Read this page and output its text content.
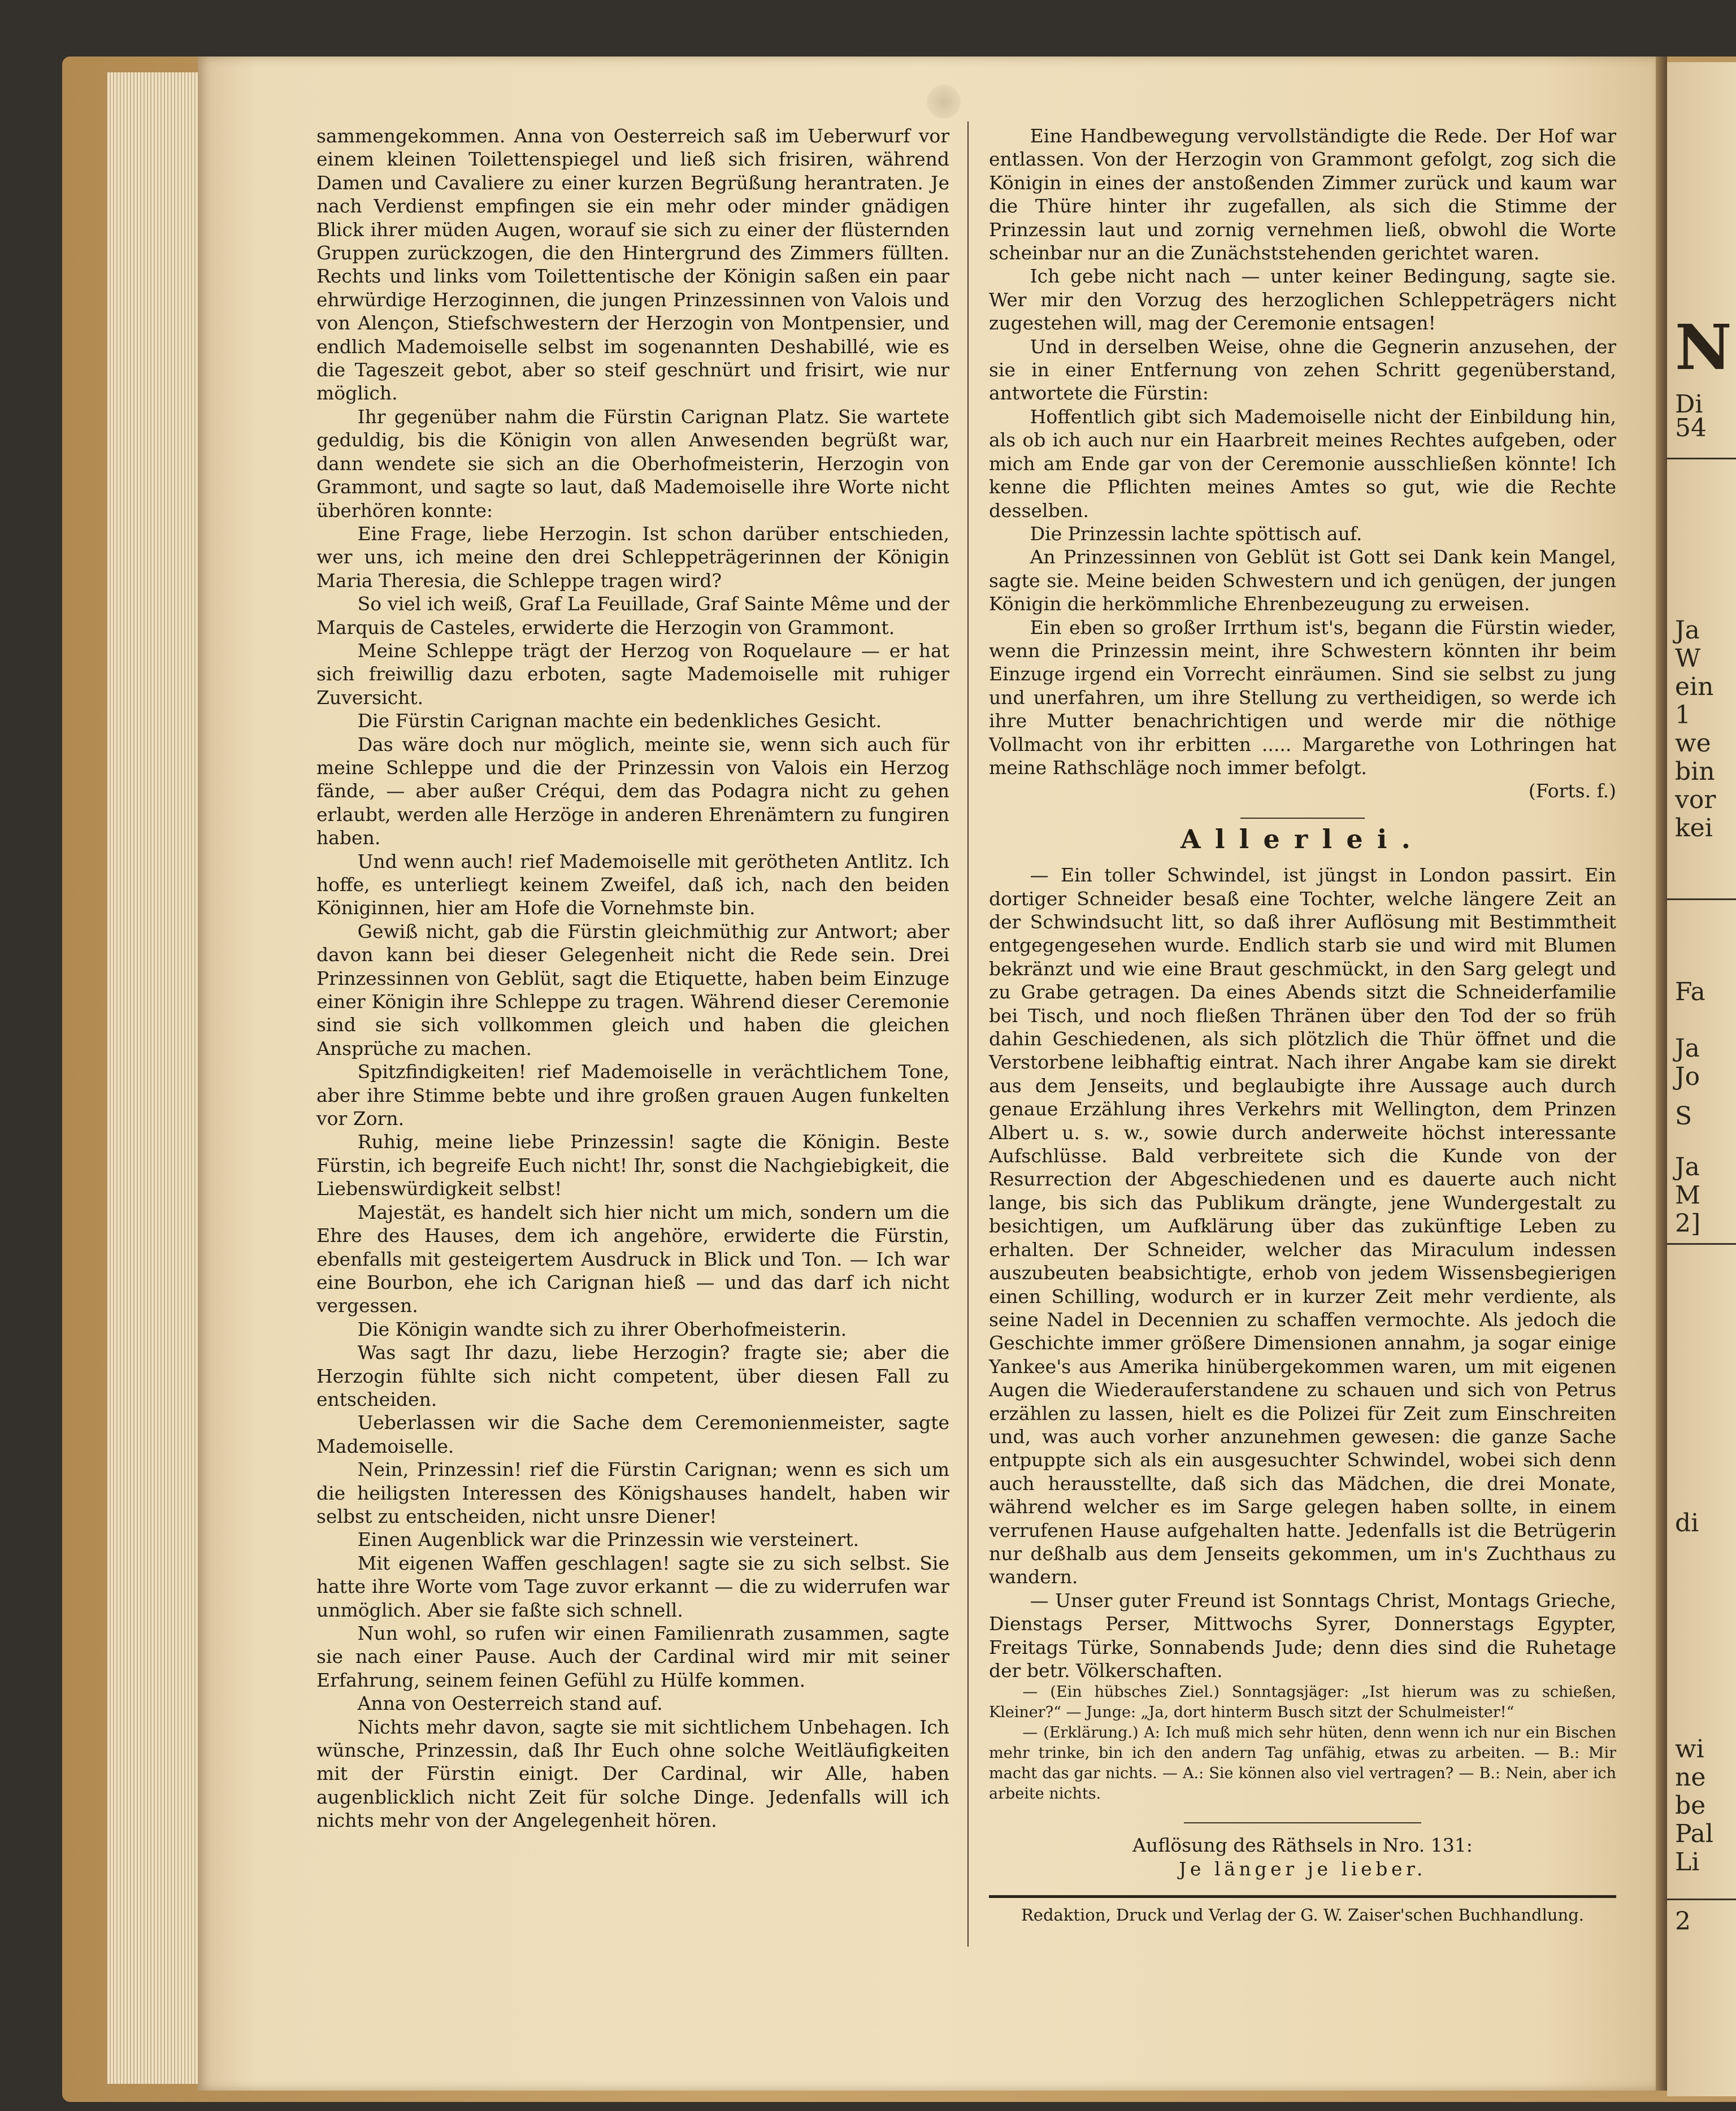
N
Di
54
Ja
W
ein
1
we
bin
vor
kei
Fa
Ja
Jo
S
Ja
M
2]
di
wi
ne
be
Pal
Li
2

sammengekommen. Anna von Oesterreich saß im Ueberwurf vor einem kleinen Toilettenspiegel und ließ sich frisiren, während Damen und Cavaliere zu einer kurzen Begrüßung herantraten. Je nach Verdienst empfingen sie ein mehr oder minder gnädigen Blick ihrer müden Augen, worauf sie sich zu einer der flüsternden Gruppen zurückzogen, die den Hintergrund des Zimmers füllten. Rechts und links vom Toilettentische der Königin saßen ein paar ehrwürdige Herzoginnen, die jungen Prinzessinnen von Valois und von Alençon, Stiefschwestern der Herzogin von Montpensier, und endlich Mademoiselle selbst im sogenannten Deshabillé, wie es die Tageszeit gebot, aber so steif geschnürt und frisirt, wie nur möglich.

Ihr gegenüber nahm die Fürstin Carignan Platz. Sie wartete geduldig, bis die Königin von allen Anwesenden begrüßt war, dann wendete sie sich an die Oberhofmeisterin, Herzogin von Grammont, und sagte so laut, daß Mademoiselle ihre Worte nicht überhören konnte:

Eine Frage, liebe Herzogin. Ist schon darüber entschieden, wer uns, ich meine den drei Schleppeträgerinnen der Königin Maria Theresia, die Schleppe tragen wird?

So viel ich weiß, Graf La Feuillade, Graf Sainte Même und der Marquis de Casteles, erwiderte die Herzogin von Grammont.

Meine Schleppe trägt der Herzog von Roquelaure — er hat sich freiwillig dazu erboten, sagte Mademoiselle mit ruhiger Zuversicht.

Die Fürstin Carignan machte ein bedenkliches Gesicht.

Das wäre doch nur möglich, meinte sie, wenn sich auch für meine Schleppe und die der Prinzessin von Valois ein Herzog fände, — aber außer Créqui, dem das Podagra nicht zu gehen erlaubt, werden alle Herzöge in anderen Ehrenämtern zu fungiren haben.

Und wenn auch! rief Mademoiselle mit gerötheten Antlitz. Ich hoffe, es unterliegt keinem Zweifel, daß ich, nach den beiden Königinnen, hier am Hofe die Vornehmste bin.

Gewiß nicht, gab die Fürstin gleichmüthig zur Antwort; aber davon kann bei dieser Gelegenheit nicht die Rede sein. Drei Prinzessinnen von Geblüt, sagt die Etiquette, haben beim Einzuge einer Königin ihre Schleppe zu tragen. Während dieser Ceremonie sind sie sich vollkommen gleich und haben die gleichen Ansprüche zu machen.

Spitzfindigkeiten! rief Mademoiselle in verächtlichem Tone, aber ihre Stimme bebte und ihre großen grauen Augen funkelten vor Zorn.

Ruhig, meine liebe Prinzessin! sagte die Königin. Beste Fürstin, ich begreife Euch nicht! Ihr, sonst die Nachgiebigkeit, die Liebenswürdigkeit selbst!

Majestät, es handelt sich hier nicht um mich, sondern um die Ehre des Hauses, dem ich angehöre, erwiderte die Fürstin, ebenfalls mit gesteigertem Ausdruck in Blick und Ton. — Ich war eine Bourbon, ehe ich Carignan hieß — und das darf ich nicht vergessen.

Die Königin wandte sich zu ihrer Oberhofmeisterin.

Was sagt Ihr dazu, liebe Herzogin? fragte sie; aber die Herzogin fühlte sich nicht competent, über diesen Fall zu entscheiden.

Ueberlassen wir die Sache dem Ceremonienmeister, sagte Mademoiselle.

Nein, Prinzessin! rief die Fürstin Carignan; wenn es sich um die heiligsten Interessen des Königshauses handelt, haben wir selbst zu entscheiden, nicht unsre Diener!

Einen Augenblick war die Prinzessin wie versteinert.

Mit eigenen Waffen geschlagen! sagte sie zu sich selbst. Sie hatte ihre Worte vom Tage zuvor erkannt — die zu widerrufen war unmöglich. Aber sie faßte sich schnell.

Nun wohl, so rufen wir einen Familienrath zusammen, sagte sie nach einer Pause. Auch der Cardinal wird mir mit seiner Erfahrung, seinem feinen Gefühl zu Hülfe kommen.

Anna von Oesterreich stand auf.

Nichts mehr davon, sagte sie mit sichtlichem Unbehagen. Ich wünsche, Prinzessin, daß Ihr Euch ohne solche Weitläufigkeiten mit der Fürstin einigt. Der Cardinal, wir Alle, haben augenblicklich nicht Zeit für solche Dinge. Jedenfalls will ich nichts mehr von der Angelegenheit hören.

Eine Handbewegung vervollständigte die Rede. Der Hof war entlassen. Von der Herzogin von Grammont gefolgt, zog sich die Königin in eines der anstoßenden Zimmer zurück und kaum war die Thüre hinter ihr zugefallen, als sich die Stimme der Prinzessin laut und zornig vernehmen ließ, obwohl die Worte scheinbar nur an die Zunächststehenden gerichtet waren.

Ich gebe nicht nach — unter keiner Bedingung, sagte sie. Wer mir den Vorzug des herzoglichen Schleppeträgers nicht zugestehen will, mag der Ceremonie entsagen!

Und in derselben Weise, ohne die Gegnerin anzusehen, der sie in einer Entfernung von zehen Schritt gegenüberstand, antwortete die Fürstin:

Hoffentlich gibt sich Mademoiselle nicht der Einbildung hin, als ob ich auch nur ein Haarbreit meines Rechtes aufgeben, oder mich am Ende gar von der Ceremonie ausschließen könnte! Ich kenne die Pflichten meines Amtes so gut, wie die Rechte desselben.

Die Prinzessin lachte spöttisch auf.

An Prinzessinnen von Geblüt ist Gott sei Dank kein Mangel, sagte sie. Meine beiden Schwestern und ich genügen, der jungen Königin die herkömmliche Ehrenbezeugung zu erweisen.

Ein eben so großer Irrthum ist's, begann die Fürstin wieder, wenn die Prinzessin meint, ihre Schwestern könnten ihr beim Einzuge irgend ein Vorrecht einräumen. Sind sie selbst zu jung und unerfahren, um ihre Stellung zu vertheidigen, so werde ich ihre Mutter benachrichtigen und werde mir die nöthige Vollmacht von ihr erbitten ..... Margarethe von Lothringen hat meine Rathschläge noch immer befolgt.

(Forts. f.)

Allerlei.

— Ein toller Schwindel, ist jüngst in London passirt. Ein dortiger Schneider besaß eine Tochter, welche längere Zeit an der Schwindsucht litt, so daß ihrer Auflösung mit Bestimmtheit entgegengesehen wurde. Endlich starb sie und wird mit Blumen bekränzt und wie eine Braut geschmückt, in den Sarg gelegt und zu Grabe getragen. Da eines Abends sitzt die Schneiderfamilie bei Tisch, und noch fließen Thränen über den Tod der so früh dahin Geschiedenen, als sich plötzlich die Thür öffnet und die Verstorbene leibhaftig eintrat. Nach ihrer Angabe kam sie direkt aus dem Jenseits, und beglaubigte ihre Aussage auch durch genaue Erzählung ihres Verkehrs mit Wellington, dem Prinzen Albert u. s. w., sowie durch anderweite höchst interessante Aufschlüsse. Bald verbreitete sich die Kunde von der Resurrection der Abgeschiedenen und es dauerte auch nicht lange, bis sich das Publikum drängte, jene Wundergestalt zu besichtigen, um Aufklärung über das zukünftige Leben zu erhalten. Der Schneider, welcher das Miraculum indessen auszubeuten beabsichtigte, erhob von jedem Wissensbegierigen einen Schilling, wodurch er in kurzer Zeit mehr verdiente, als seine Nadel in Decennien zu schaffen vermochte. Als jedoch die Geschichte immer größere Dimensionen annahm, ja sogar einige Yankee's aus Amerika hinübergekommen waren, um mit eigenen Augen die Wiederauferstandene zu schauen und sich von Petrus erzählen zu lassen, hielt es die Polizei für Zeit zum Einschreiten und, was auch vorher anzunehmen gewesen: die ganze Sache entpuppte sich als ein ausgesuchter Schwindel, wobei sich denn auch herausstellte, daß sich das Mädchen, die drei Monate, während welcher es im Sarge gelegen haben sollte, in einem verrufenen Hause aufgehalten hatte. Jedenfalls ist die Betrügerin nur deßhalb aus dem Jenseits gekommen, um in's Zuchthaus zu wandern.

— Unser guter Freund ist Sonntags Christ, Montags Grieche, Dienstags Perser, Mittwochs Syrer, Donnerstags Egypter, Freitags Türke, Sonnabends Jude; denn dies sind die Ruhetage der betr. Völkerschaften.

— (Ein hübsches Ziel.) Sonntagsjäger: „Ist hierum was zu schießen, Kleiner?“ — Junge: „Ja, dort hinterm Busch sitzt der Schulmeister!“

— (Erklärung.) A: Ich muß mich sehr hüten, denn wenn ich nur ein Bischen mehr trinke, bin ich den andern Tag unfähig, etwas zu arbeiten. — B.: Mir macht das gar nichts. — A.: Sie können also viel vertragen? — B.: Nein, aber ich arbeite nichts.

Auflösung des Räthsels in Nro. 131:

Je länger je lieber.

Redaktion, Druck und Verlag der G. W. Zaiser'schen Buchhandlung.
